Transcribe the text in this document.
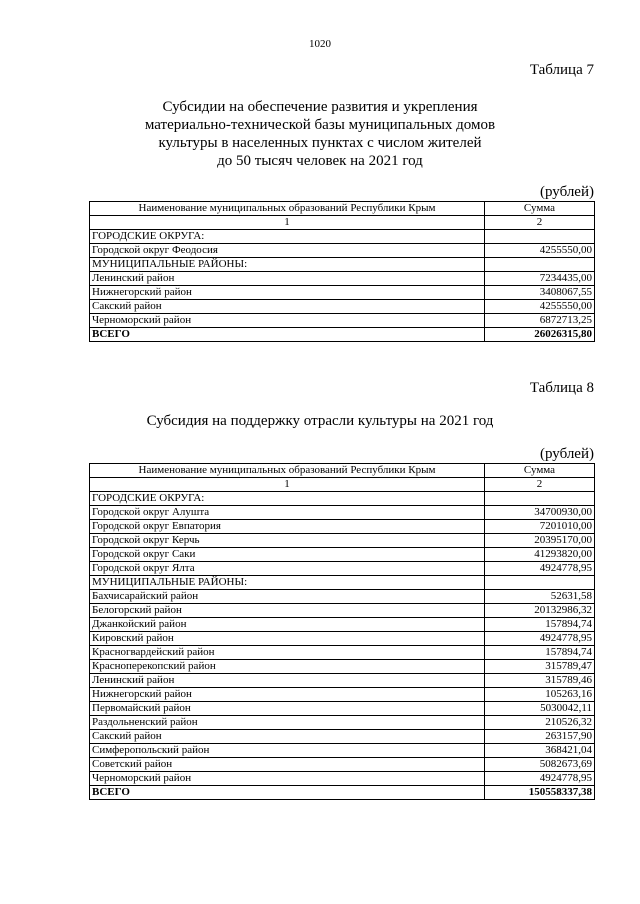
1020
Таблица 7
Субсидии на обеспечение развития и укрепления
материально-технической базы муниципальных домов
культуры в населенных пунктах с числом жителей
до 50 тысяч человек на 2021 год
(рублей)
Наименование муниципальных образований Республики Крым	Сумма
1	2
ГОРОДСКИЕ ОКРУГА:	
Городской округ Феодосия	4255550,00
МУНИЦИПАЛЬНЫЕ РАЙОНЫ:	
Ленинский район	7234435,00
Нижнегорский район	3408067,55
Сакский район	4255550,00
Черноморский район	6872713,25
ВСЕГО	26026315,80
Таблица 8
Субсидия на поддержку отрасли культуры на 2021 год
(рублей)
Наименование муниципальных образований Республики Крым	Сумма
1	2
ГОРОДСКИЕ ОКРУГА:	
Городской округ Алушта	34700930,00
Городской округ Евпатория	7201010,00
Городской округ Керчь	20395170,00
Городской округ Саки	41293820,00
Городской округ Ялта	4924778,95
МУНИЦИПАЛЬНЫЕ РАЙОНЫ:	
Бахчисарайский район	52631,58
Белогорский район	20132986,32
Джанкойский район	157894,74
Кировский район	4924778,95
Красногвардейский район	157894,74
Красноперекопский район	315789,47
Ленинский район	315789,46
Нижнегорский район	105263,16
Первомайский район	5030042,11
Раздольненский район	210526,32
Сакский район	263157,90
Симферопольский район	368421,04
Советский район	5082673,69
Черноморский район	4924778,95
ВСЕГО	150558337,38
